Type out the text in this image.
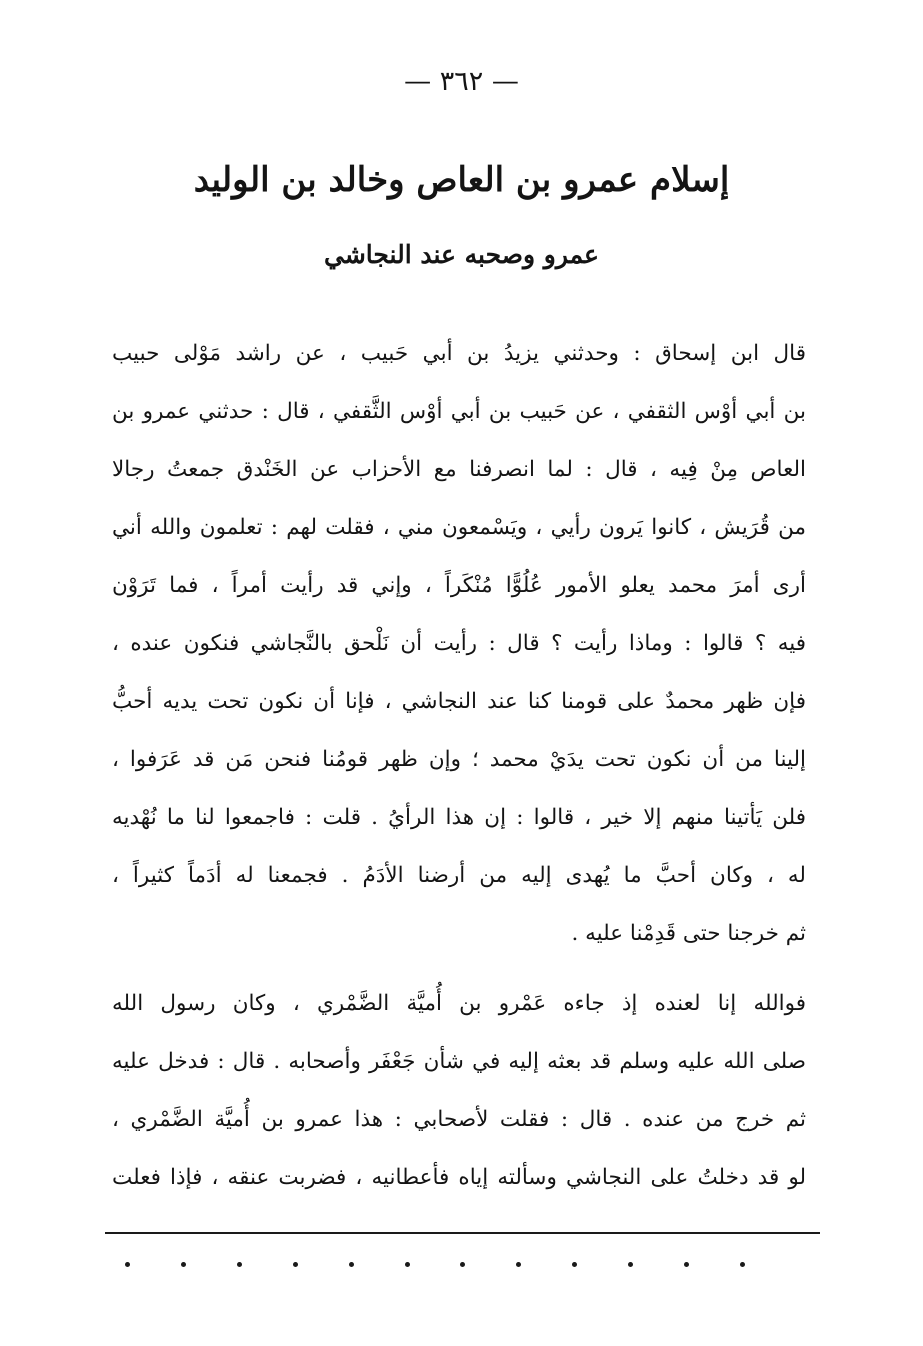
— ٣٦٢ —
إسلام عمرو بن العاص وخالد بن الوليد
عمرو وصحبه عند النجاشي
قال ابن إسحاق : وحدثني يزيدُ بن أبي حَبيب ، عن راشد مَوْلى حبيب
بن أبي أوْس الثقفي ، عن حَبيب بن أبي أوْس الثَّقفي ، قال : حدثني عمرو بن
العاص مِنْ فِيه ، قال : لما انصرفنا مع الأحزاب عن الخَنْدق جمعتُ رجالا
من قُرَيش ، كانوا يَرون رأيي ، ويَسْمعون مني ، فقلت لهم : تعلمون والله أني
أرى أمرَ محمد يعلو الأمور عُلُوًّا مُنْكَراً ، وإني قد رأيت أمراً ، فما تَرَوْن
فيه ؟ قالوا : وماذا رأيت ؟ قال : رأيت أن نَلْحق بالنَّجاشي فنكون عنده ،
فإن ظهر محمدٌ على قومنا كنا عند النجاشي ، فإنا أن نكون تحت يديه أحبُّ
إلينا من أن نكون تحت يدَيْ محمد ؛ وإن ظهر قومُنا فنحن مَن قد عَرَفوا ،
فلن يَأتينا منهم إلا خير ، قالوا : إن هذا الرأيُ . قلت : فاجمعوا لنا ما نُهْديه
له ، وكان أحبَّ ما يُهدى إليه من أرضنا الأدَمُ . فجمعنا له أدَماً كثيراً ،
ثم خرجنا حتى قَدِمْنا عليه .
فوالله إنا لعنده إذ جاءه عَمْرو بن أُميَّة الضَّمْري ، وكان رسول الله
صلى الله عليه وسلم قد بعثه إليه في شأن جَعْفَر وأصحابه . قال : فدخل عليه
ثم خرج من عنده . قال : فقلت لأصحابي : هذا عمرو بن أُميَّة الضَّمْري ،
لو قد دخلتُ على النجاشي وسألته إياه فأعطانيه ، فضربت عنقه ، فإذا فعلت
